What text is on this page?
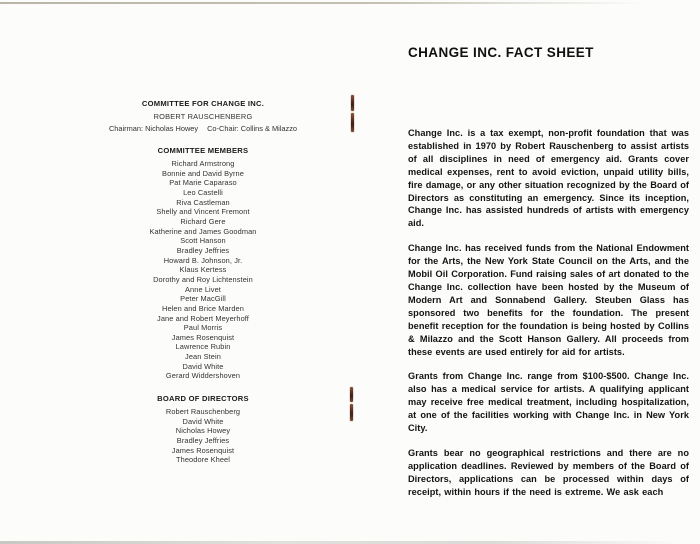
COMMITTEE FOR CHANGE INC.
ROBERT RAUSCHENBERG
Chairman: Nicholas Howey Co-Chair: Collins & Milazzo
COMMITTEE MEMBERS
Richard Armstrong
Bonnie and David Byrne
Pat Marie Caparaso
Leo Castelli
Riva Castleman
Shelly and Vincent Fremont
Richard Gere
Katherine and James Goodman
Scott Hanson
Bradley Jeffries
Howard B. Johnson, Jr.
Klaus Kertess
Dorothy and Roy Lichtenstein
Anne Livet
Peter MacGill
Helen and Brice Marden
Jane and Robert Meyerhoff
Paul Morris
James Rosenquist
Lawrence Rubin
Jean Stein
David White
Gerard Widdershoven
BOARD OF DIRECTORS
Robert Rauschenberg
David White
Nicholas Howey
Bradley Jeffries
James Rosenquist
Theodore Kheel
CHANGE INC. FACT SHEET

Change Inc. is a tax exempt, non-profit foundation that was established in 1970 by Robert Rauschenberg to assist artists of all disciplines in need of emergency aid. Grants cover medical expenses, rent to avoid eviction, unpaid utility bills, fire damage, or any other situation recognized by the Board of Directors as constituting an emergency. Since its inception, Change Inc. has assisted hundreds of artists with emergency aid.

Change Inc. has received funds from the National Endowment for the Arts, the New York State Council on the Arts, and the Mobil Oil Corporation. Fund raising sales of art donated to the Change Inc. collection have been hosted by the Museum of Modern Art and Sonnabend Gallery. Steuben Glass has sponsored two benefits for the foundation. The present benefit reception for the foundation is being hosted by Collins & Milazzo and the Scott Hanson Gallery. All proceeds from these events are used entirely for aid for artists.

Grants from Change Inc. range from $100-$500. Change Inc. also has a medical service for artists. A qualifying applicant may receive free medical treatment, including hospitalization, at one of the facilities working with Change Inc. in New York City.

Grants bear no geographical restrictions and there are no application deadlines. Reviewed by members of the Board of Directors, applications can be processed within days of receipt, within hours if the need is extreme. We ask each
